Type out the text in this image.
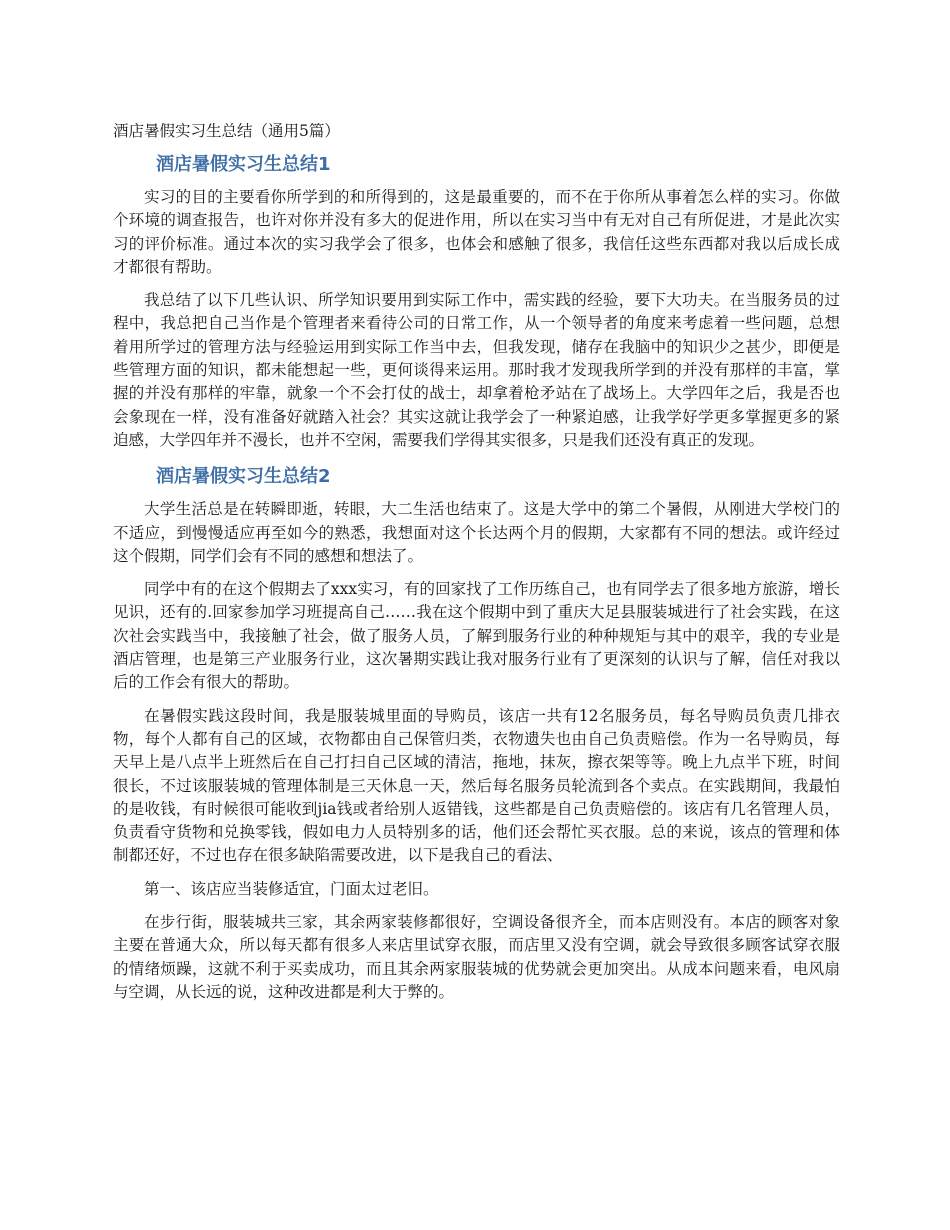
酒店暑假实习生总结（通用5篇）
酒店暑假实习生总结1

实习的目的主要看你所学到的和所得到的，这是最重要的，而不在于你所从事着怎么样的实习。你做个环境的调查报告，也许对你并没有多大的促进作用，所以在实习当中有无对自己有所促进，才是此次实习的评价标准。通过本次的实习我学会了很多，也体会和感触了很多，我信任这些东西都对我以后成长成才都很有帮助。

我总结了以下几些认识、所学知识要用到实际工作中，需实践的经验，要下大功夫。在当服务员的过程中，我总把自己当作是个管理者来看待公司的日常工作，从一个领导者的角度来考虑着一些问题，总想着用所学过的管理方法与经验运用到实际工作当中去，但我发现，储存在我脑中的知识少之甚少，即便是些管理方面的知识，都未能想起一些，更何谈得来运用。那时我才发现我所学到的并没有那样的丰富，掌握的并没有那样的牢靠，就象一个不会打仗的战士，却拿着枪矛站在了战场上。大学四年之后，我是否也会象现在一样，没有准备好就踏入社会？其实这就让我学会了一种紧迫感，让我学好学更多掌握更多的紧迫感，大学四年并不漫长，也并不空闲，需要我们学得其实很多，只是我们还没有真正的发现。

酒店暑假实习生总结2

大学生活总是在转瞬即逝，转眼，大二生活也结束了。这是大学中的第二个暑假，从刚进大学校门的不适应，到慢慢适应再至如今的熟悉，我想面对这个长达两个月的假期，大家都有不同的想法。或许经过这个假期，同学们会有不同的感想和想法了。

同学中有的在这个假期去了xxx实习，有的回家找了工作历练自己，也有同学去了很多地方旅游，增长见识，还有的.回家参加学习班提高自己……我在这个假期中到了重庆大足县服装城进行了社会实践，在这次社会实践当中，我接触了社会，做了服务人员，了解到服务行业的种种规矩与其中的艰辛，我的专业是酒店管理，也是第三产业服务行业，这次暑期实践让我对服务行业有了更深刻的认识与了解，信任对我以后的工作会有很大的帮助。

在暑假实践这段时间，我是服装城里面的导购员，该店一共有12名服务员，每名导购员负责几排衣物，每个人都有自己的区域，衣物都由自己保管归类，衣物遗失也由自己负责赔偿。作为一名导购员，每天早上是八点半上班然后在自己打扫自己区域的清洁，拖地，抹灰，擦衣架等等。晚上九点半下班，时间很长，不过该服装城的管理体制是三天休息一天，然后每名服务员轮流到各个卖点。在实践期间，我最怕的是收钱，有时候很可能收到jia钱或者给别人返错钱，这些都是自己负责赔偿的。该店有几名管理人员，负责看守货物和兑换零钱，假如电力人员特别多的话，他们还会帮忙买衣服。总的来说，该点的管理和体制都还好，不过也存在很多缺陷需要改进，以下是我自己的看法、

第一、该店应当装修适宜，门面太过老旧。

在步行街，服装城共三家，其余两家装修都很好，空调设备很齐全，而本店则没有。本店的顾客对象主要在普通大众，所以每天都有很多人来店里试穿衣服，而店里又没有空调，就会导致很多顾客试穿衣服的情绪烦躁，这就不利于买卖成功，而且其余两家服装城的优势就会更加突出。从成本问题来看，电风扇与空调，从长远的说，这种改进都是利大于弊的。
